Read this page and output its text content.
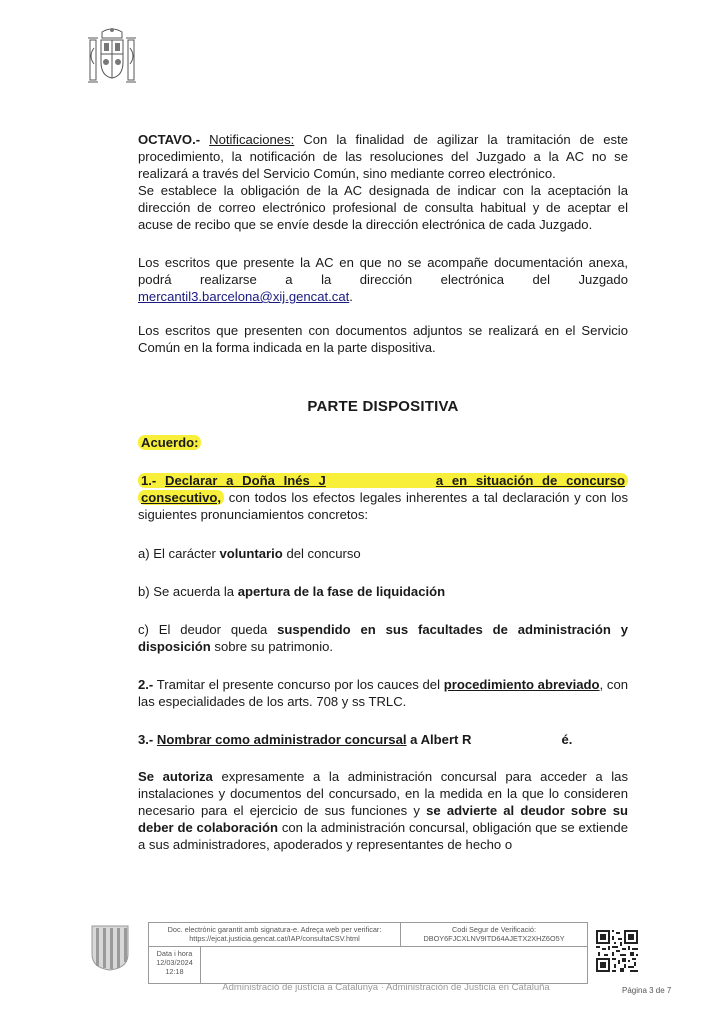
OCTAVO.- Notificaciones: Con la finalidad de agilizar la tramitación de este procedimiento, la notificación de las resoluciones del Juzgado a la AC no se realizará a través del Servicio Común, sino mediante correo electrónico.

Se establece la obligación de la AC designada de indicar con la aceptación la dirección de correo electrónico profesional de consulta habitual y de aceptar el acuse de recibo que se envíe desde la dirección electrónica de cada Juzgado.

Los escritos que presente la AC en que no se acompañe documentación anexa, podrá realizarse a la dirección electrónica del Juzgado

mercantil3.barcelona@xij.gencat.cat.

Los escritos que presenten con documentos adjuntos se realizará en el Servicio Común en la forma indicada en la parte dispositiva.

PARTE DISPOSITIVA
Acuerdo:

1.- Declarar a Doña Inés J	a en situación de concurso consecutivo, con todos los efectos legales inherentes a tal declaración y con los siguientes pronunciamientos concretos:

a) El carácter voluntario del concurso
b) Se acuerda la apertura de la fase de liquidación
c) El deudor queda suspendido en sus facultades de administración y disposición sobre su patrimonio.
2.- Tramitar el presente concurso por los cauces del procedimiento abreviado, con las especialidades de los arts. 708 y ss TRLC.
3.- Nombrar como administrador concursal a Albert R	é.
Se autoriza expresamente a la administración concursal para acceder a las instalaciones y documentos del concursado, en la medida en la que lo consideren necesario para el ejercicio de sus funciones y se advierte al deudor sobre su deber de colaboración con la administración concursal, obligación que se extiende a sus administradores, apoderados y representantes de hecho o
Doc. electrònic garantit amb signatura-e. Adreça web per verificar:
https://ejcat.justicia.gencat.cat/IAP/consultaCSV.html
Codi Segur de Verificació:
DBOY6FJCXLNV9ITD64AJETX2XHZ6O5Y
Data i hora
12/03/2024
12:18
Administració de justícia a Catalunya · Administración de Justicia en Cataluña	Página 3 de 7
